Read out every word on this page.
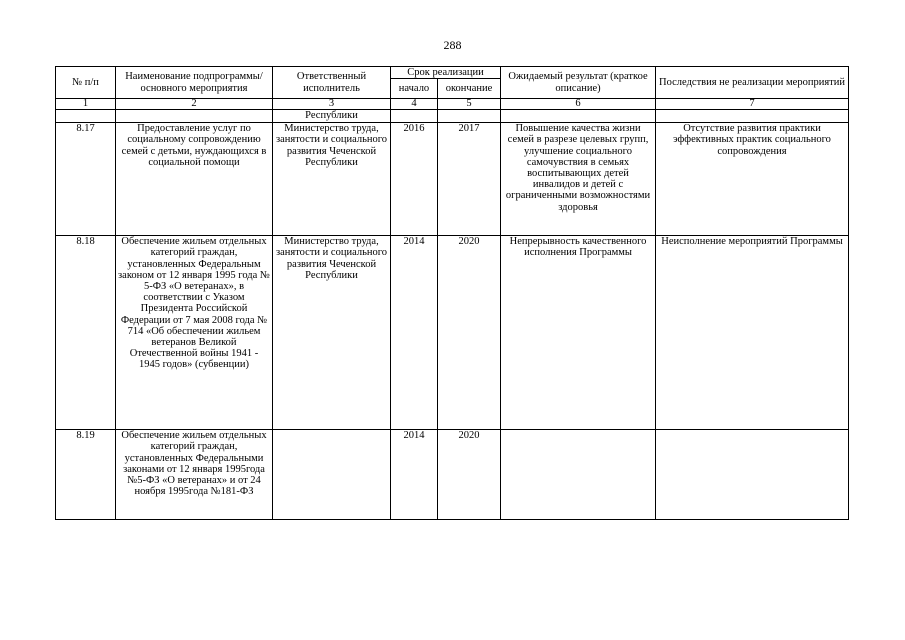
288
№ п/п	Наименование подпрограммы/ основного мероприятия	Ответственный исполнитель	Срок реализации		Ожидаемый результат (краткое описание)	Последствия не реализации мероприятий
			начало	окончание		
1	2	3	4	5	6	7
		Республики				
8.17	Предоставление услуг по социальному сопровождению семей с детьми, нуждающихся в социальной помощи	Министерство труда, занятости и социального развития Чеченской Республики	2016	2017	Повышение качества жизни семей в разрезе целевых групп, улучшение социального самочувствия в семьях воспитывающих детей инвалидов и детей с ограниченными возможностями здоровья	Отсутствие развития практики эффективных практик социального сопровождения
8.18	Обеспечение жильем отдельных категорий граждан, установленных Федеральным законом от 12 января 1995 года № 5-ФЗ «О ветеранах», в соответствии с Указом Президента Российской Федерации от 7 мая 2008 года № 714 «Об обеспечении жильем ветеранов Великой Отечественной войны 1941 - 1945 годов» (субвенции)	Министерство труда, занятости и социального развития Чеченской Республики	2014	2020	Непрерывность качественного исполнения Программы	Неисполнение мероприятий Программы
8.19	Обеспечение жильем отдельных категорий граждан, установленных Федеральными законами от 12 января 1995года №5-ФЗ «О ветеранах» и от 24 ноября 1995года №181-ФЗ		2014	2020		
